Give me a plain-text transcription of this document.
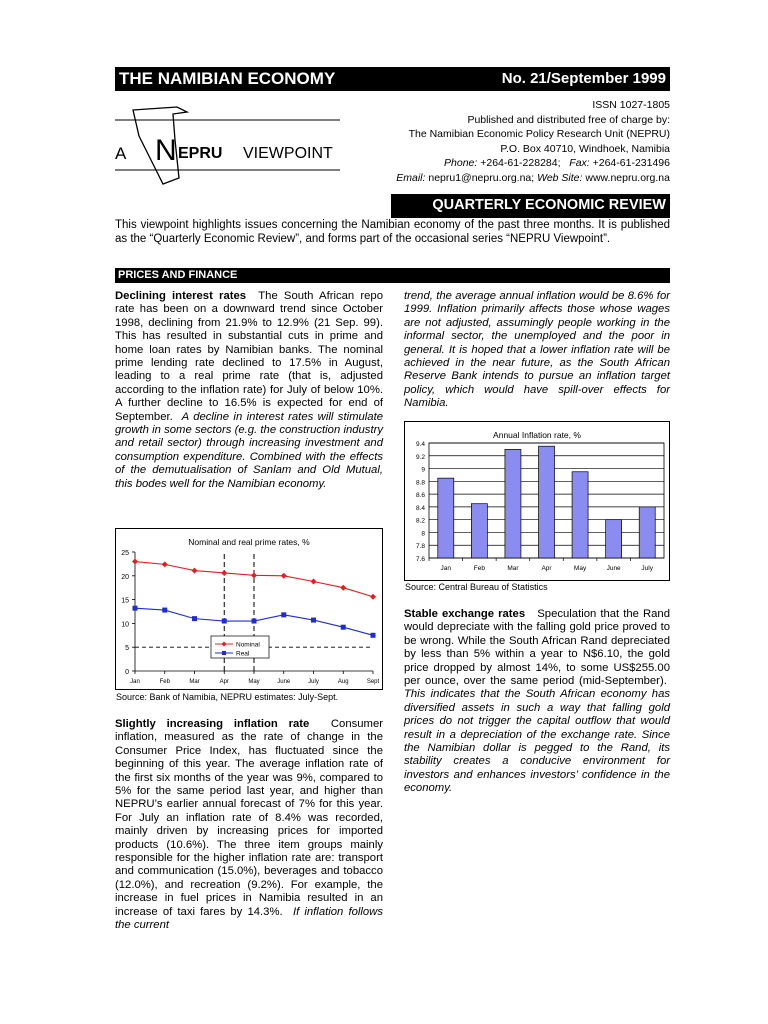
THE NAMIBIAN ECONOMY	No. 21/September 1999
A N EPRU VIEWPOINT
ISSN 1027-1805
Published and distributed free of charge by:
The Namibian Economic Policy Research Unit (NEPRU)
P.O. Box 40710, Windhoek, Namibia
Phone: +264-61-228284; Fax: +264-61-231496
Email: nepru1@nepru.org.na; Web Site: www.nepru.org.na
QUARTERLY ECONOMIC REVIEW
This viewpoint highlights issues concerning the Namibian economy of the past three months. It is published as the “Quarterly Economic Review”, and forms part of the occasional series “NEPRU Viewpoint”.
PRICES AND FINANCE
Declining interest rates The South African repo rate has been on a downward trend since October 1998, declining from 21.9% to 12.9% (21 Sep. 99). This has resulted in substantial cuts in prime and home loan rates by Namibian banks. The nominal prime lending rate declined to 17.5% in August, leading to a real prime rate (that is, adjusted according to the inflation rate) for July of below 10%. A further decline to 16.5% is expected for end of September. A decline in interest rates will stimulate growth in some sectors (e.g. the construction industry and retail sector) through increasing investment and consumption expenditure. Combined with the effects of the demutualisation of Sanlam and Old Mutual, this bodes well for the Namibian economy.
Nominal and real prime rates, %
0
5
10
15
20
25
Jan	Feb	Mar	Apr	May	June	July	Aug	Sept
Nominal
Real
Source: Bank of Namibia, NEPRU estimates: July-Sept.
Slightly increasing inflation rate Consumer inflation, measured as the rate of change in the Consumer Price Index, has fluctuated since the beginning of this year. The average inflation rate of the first six months of the year was 9%, compared to 5% for the same period last year, and higher than NEPRU’s earlier annual forecast of 7% for this year. For July an inflation rate of 8.4% was recorded, mainly driven by increasing prices for imported products (10.6%). The three item groups mainly responsible for the higher inflation rate are: transport and communication (15.0%), beverages and tobacco (12.0%), and recreation (9.2%). For example, the increase in fuel prices in Namibia resulted in an increase of taxi fares by 14.3%. If inflation follows the current
trend, the average annual inflation would be 8.6% for 1999. Inflation primarily affects those whose wages are not adjusted, assumingly people working in the informal sector, the unemployed and the poor in general. It is hoped that a lower inflation rate will be achieved in the near future, as the South African Reserve Bank intends to pursue an inflation target policy, which would have spill-over effects for Namibia.
Annual Inflation rate, %
7.6
7.8
8
8.2
8.4
8.6
8.8
9
9.2
9.4
Jan	Feb	Mar	Apr	May	June	July
Source: Central Bureau of Statistics
Stable exchange rates Speculation that the Rand would depreciate with the falling gold price proved to be wrong. While the South African Rand depreciated by less than 5% within a year to N$6.10, the gold price dropped by almost 14%, to some US$255.00 per ounce, over the same period (mid-September).  This indicates that the South African economy has diversified assets in such a way that falling gold prices do not trigger the capital outflow that would result in a depreciation of the exchange rate. Since the Namibian dollar is pegged to the Rand, its stability creates a conducive environment for investors and enhances investors’ confidence in the economy.
